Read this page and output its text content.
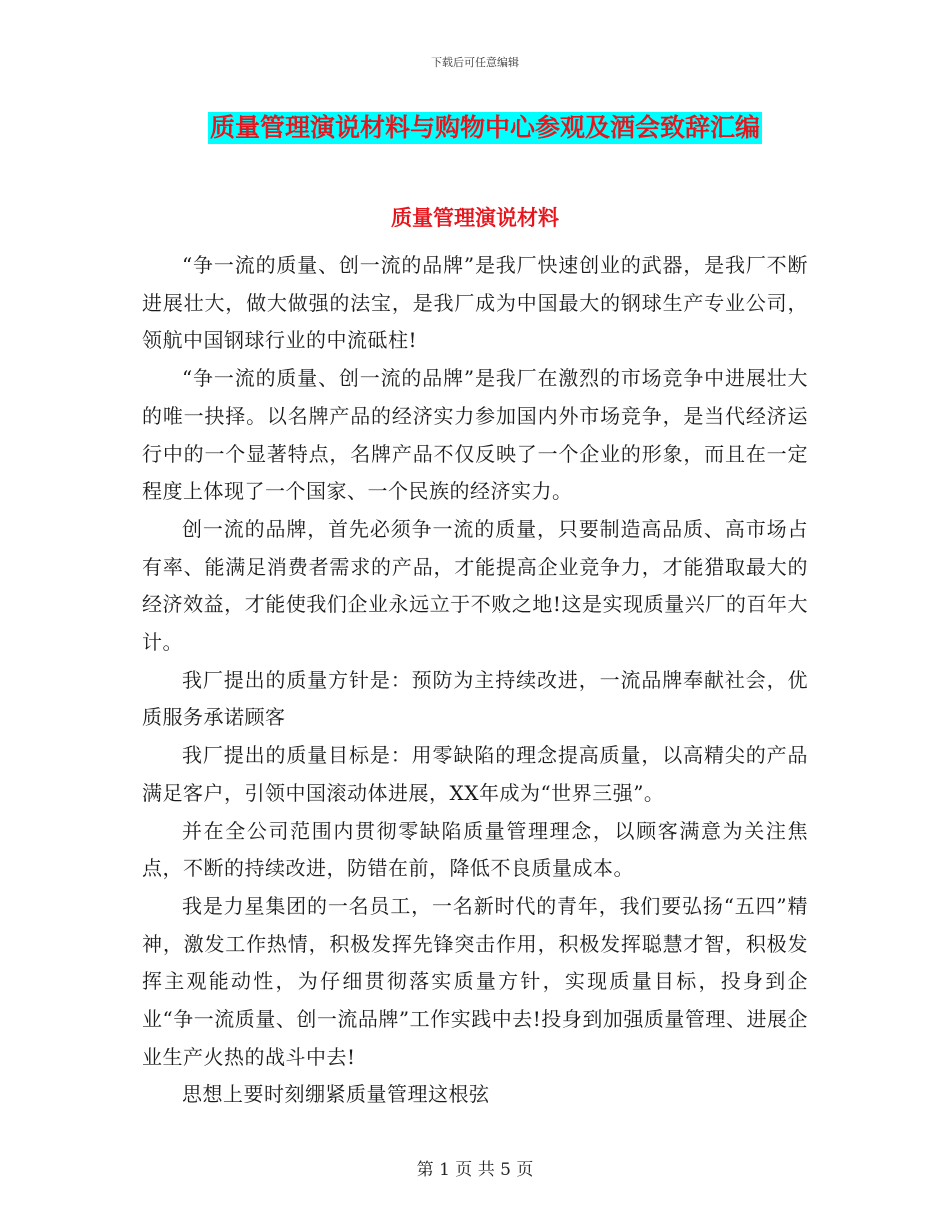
下载后可任意编辑
质量管理演说材料与购物中心参观及酒会致辞汇编
质量管理演说材料

“争一流的质量、创一流的品牌”是我厂快速创业的武器，是我厂不断进展壮大，做大做强的法宝，是我厂成为中国最大的钢球生产专业公司，领航中国钢球行业的中流砥柱!

“争一流的质量、创一流的品牌”是我厂在激烈的市场竞争中进展壮大的唯一抉择。以名牌产品的经济实力参加国内外市场竞争，是当代经济运行中的一个显著特点，名牌产品不仅反映了一个企业的形象，而且在一定程度上体现了一个国家、一个民族的经济实力。

创一流的品牌，首先必须争一流的质量，只要制造高品质、高市场占有率、能满足消费者需求的产品，才能提高企业竞争力，才能猎取最大的经济效益，才能使我们企业永远立于不败之地!这是实现质量兴厂的百年大计。

我厂提出的质量方针是：预防为主持续改进，一流品牌奉献社会，优质服务承诺顾客

我厂提出的质量目标是：用零缺陷的理念提高质量，以高精尖的产品满足客户，引领中国滚动体进展，XX年成为“世界三强”。

并在全公司范围内贯彻零缺陷质量管理理念，以顾客满意为关注焦点，不断的持续改进，防错在前，降低不良质量成本。

我是力星集团的一名员工，一名新时代的青年，我们要弘扬“五四”精神，激发工作热情，积极发挥先锋突击作用，积极发挥聪慧才智，积极发挥主观能动性，为仔细贯彻落实质量方针，实现质量目标，投身到企业“争一流质量、创一流品牌”工作实践中去!投身到加强质量管理、进展企业生产火热的战斗中去!

思想上要时刻绷紧质量管理这根弦

第 1 页 共 5 页
